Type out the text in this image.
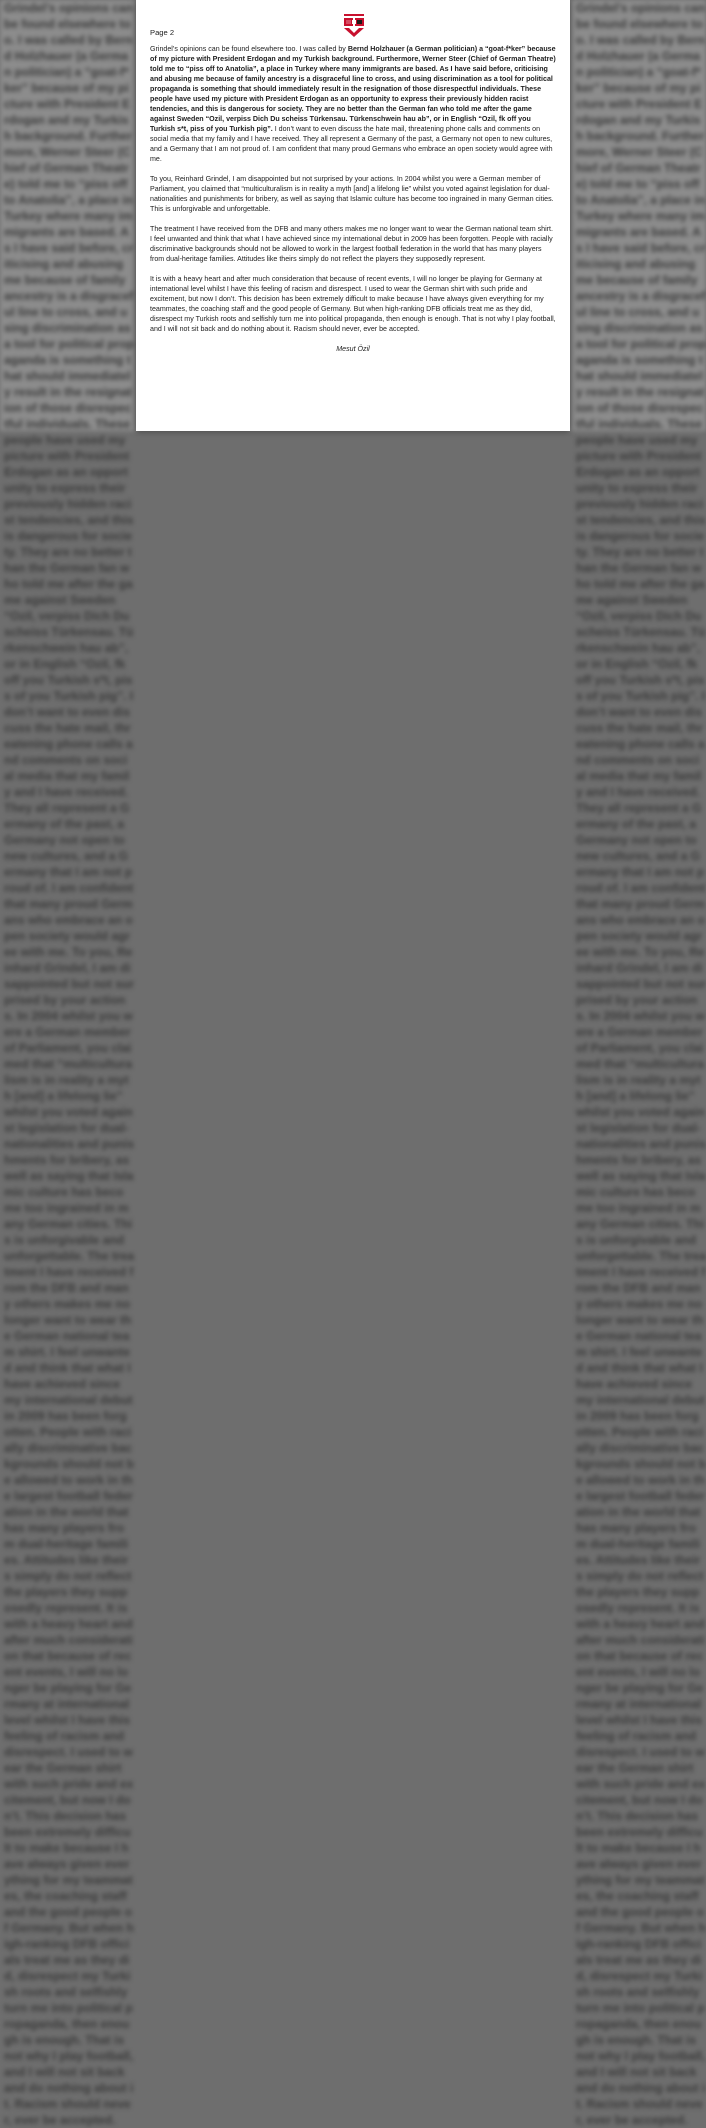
Grindel’s opinions can be found elsewhere too. I was called by Bernd Holzhauer (a German politician) a “goat-f*ker” because of my picture with President Erdogan and my Turkish background. Furthermore, Werner Steer (Chief of German Theatre) told me to “piss off to Anatolia”, a place in Turkey where many immigrants are based. As I have said before, criticising and abusing me because of family ancestry is a disgraceful line to cross, and using discrimination as a tool for political propaganda is something that should immediately result in the resignation of those disrespectful individuals. These people have used my picture with President Erdogan as an opportunity to express their previously hidden racist tendencies, and this is dangerous for society. They are no better than the German fan who told me after the game against Sweden “Ozil, verpiss Dich Du scheiss Türkensau. Türkenschwein hau ab”, or in English “Ozil, fk off you Turkish s*t, piss of you Turkish pig”. I don’t want to even discuss the hate mail, threatening phone calls and comments on social media that my family and I have received. They all represent a Germany of the past, a Germany not open to new cultures, and a Germany that I am not proud of. I am confident that many proud Germans who embrace an open society would agree with me. To you, Reinhard Grindel, I am disappointed but not surprised by your actions. In 2004 whilst you were a German member of Parliament, you claimed that “multiculturalism is in reality a myth [and] a lifelong lie” whilst you voted against legislation for dual-nationalities and punishments for bribery, as well as saying that Islamic culture has become too ingrained in many German cities. This is unforgivable and unforgettable. The treatment I have received from the DFB and many others makes me no longer want to wear the German national team shirt. I feel unwanted and think that what I have achieved since my international debut in 2009 has been forgotten. People with racially discriminative backgrounds should not be allowed to work in the largest football federation in the world that has many players from dual-heritage families. Attitudes like theirs simply do not reflect the players they supposedly represent. It is with a heavy heart and after much consideration that because of recent events, I will no longer be playing for Germany at international level whilst I have this feeling of racism and disrespect. I used to wear the German shirt with such pride and excitement, but now I don’t. This decision has been extremely difficult to make because I have always given everything for my teammates, the coaching staff and the good people of Germany. But when high-ranking DFB officials treat me as they did, disrespect my Turkish roots and selfishly turn me into political propaganda, then enough is enough. That is not why I play football, and I will not sit back and do nothing about it. Racism should never, ever be accepted.
Grindel’s opinions can be found elsewhere too. I was called by Bernd Holzhauer (a German politician) a “goat-f*ker” because of my picture with President Erdogan and my Turkish background. Furthermore, Werner Steer (Chief of German Theatre) told me to “piss off to Anatolia”, a place in Turkey where many immigrants are based. As I have said before, criticising and abusing me because of family ancestry is a disgraceful line to cross, and using discrimination as a tool for political propaganda is something that should immediately result in the resignation of those disrespectful individuals. These people have used my picture with President Erdogan as an opportunity to express their previously hidden racist tendencies, and this is dangerous for society. They are no better than the German fan who told me after the game against Sweden “Ozil, verpiss Dich Du scheiss Türkensau. Türkenschwein hau ab”, or in English “Ozil, fk off you Turkish s*t, piss of you Turkish pig”. I don’t want to even discuss the hate mail, threatening phone calls and comments on social media that my family and I have received. They all represent a Germany of the past, a Germany not open to new cultures, and a Germany that I am not proud of. I am confident that many proud Germans who embrace an open society would agree with me. To you, Reinhard Grindel, I am disappointed but not surprised by your actions. In 2004 whilst you were a German member of Parliament, you claimed that “multiculturalism is in reality a myth [and] a lifelong lie” whilst you voted against legislation for dual-nationalities and punishments for bribery, as well as saying that Islamic culture has become too ingrained in many German cities. This is unforgivable and unforgettable. The treatment I have received from the DFB and many others makes me no longer want to wear the German national team shirt. I feel unwanted and think that what I have achieved since my international debut in 2009 has been forgotten. People with racially discriminative backgrounds should not be allowed to work in the largest football federation in the world that has many players from dual-heritage families. Attitudes like theirs simply do not reflect the players they supposedly represent. It is with a heavy heart and after much consideration that because of recent events, I will no longer be playing for Germany at international level whilst I have this feeling of racism and disrespect. I used to wear the German shirt with such pride and excitement, but now I don’t. This decision has been extremely difficult to make because I have always given everything for my teammates, the coaching staff and the good people of Germany. But when high-ranking DFB officials treat me as they did, disrespect my Turkish roots and selfishly turn me into political propaganda, then enough is enough. That is not why I play football, and I will not sit back and do nothing about it. Racism should never, ever be accepted.
Page 2

Grindel’s opinions can be found elsewhere too. I was called by Bernd Holzhauer (a German politician) a “goat-f*ker” because of my picture with President Erdogan and my Turkish background. Furthermore, Werner Steer (Chief of German Theatre) told me to “piss off to Anatolia”, a place in Turkey where many immigrants are based. As I have said before, criticising and abusing me because of family ancestry is a disgraceful line to cross, and using discrimination as a tool for political propaganda is something that should immediately result in the resignation of those disrespectful individuals. These people have used my picture with President Erdogan as an opportunity to express their previously hidden racist tendencies, and this is dangerous for society. They are no better than the German fan who told me after the game against Sweden “Ozil, verpiss Dich Du scheiss Türkensau. Türkenschwein hau ab”, or in English “Ozil, fk off you Turkish s*t, piss of you Turkish pig”. I don’t want to even discuss the hate mail, threatening phone calls and comments on social media that my family and I have received. They all represent a Germany of the past, a Germany not open to new cultures, and a Germany that I am not proud of. I am confident that many proud Germans who embrace an open society would agree with me.

To you, Reinhard Grindel, I am disappointed but not surprised by your actions. In 2004 whilst you were a German member of Parliament, you claimed that “multiculturalism is in reality a myth [and] a lifelong lie” whilst you voted against legislation for dual-nationalities and punishments for bribery, as well as saying that Islamic culture has become too ingrained in many German cities. This is unforgivable and unforgettable.

The treatment I have received from the DFB and many others makes me no longer want to wear the German national team shirt. I feel unwanted and think that what I have achieved since my international debut in 2009 has been forgotten. People with racially discriminative backgrounds should not be allowed to work in the largest football federation in the world that has many players from dual-heritage families. Attitudes like theirs simply do not reflect the players they supposedly represent.

It is with a heavy heart and after much consideration that because of recent events, I will no longer be playing for Germany at international level whilst I have this feeling of racism and disrespect. I used to wear the German shirt with such pride and excitement, but now I don’t. This decision has been extremely difficult to make because I have always given everything for my teammates, the coaching staff and the good people of Germany. But when high-ranking DFB officials treat me as they did, disrespect my Turkish roots and selfishly turn me into political propaganda, then enough is enough. That is not why I play football, and I will not sit back and do nothing about it. Racism should never, ever be accepted.

Mesut Özil
